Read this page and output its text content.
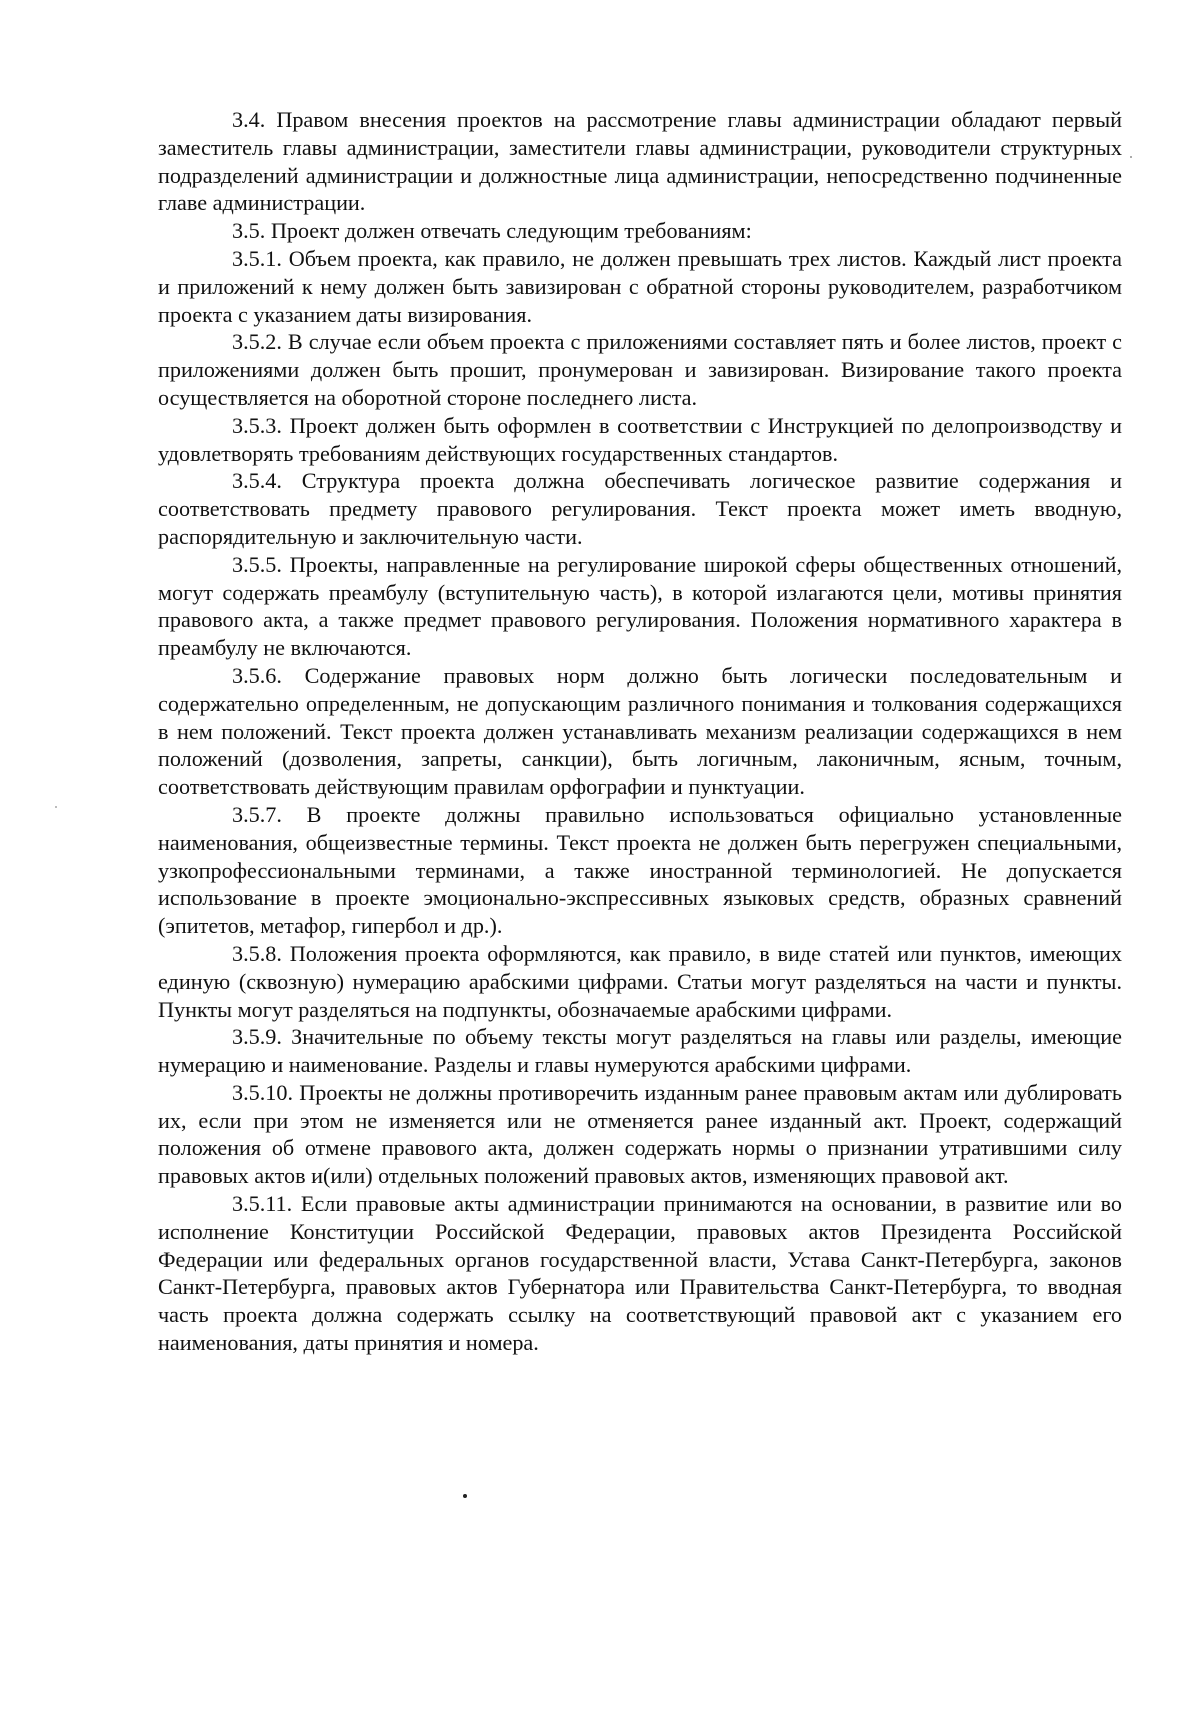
3.4. Правом внесения проектов на рассмотрение главы администрации обладают первый заместитель главы администрации, заместители главы администрации, руководители структурных подразделений администрации и должностные лица администрации, непосредственно подчиненные главе администрации.

3.5. Проект должен отвечать следующим требованиям:

3.5.1. Объем проекта, как правило, не должен превышать трех листов. Каждый лист проекта и приложений к нему должен быть завизирован с обратной стороны руководителем, разработчиком проекта с указанием даты визирования.

3.5.2. В случае если объем проекта с приложениями составляет пять и более листов, проект с приложениями должен быть прошит, пронумерован и завизирован. Визирование такого проекта осуществляется на оборотной стороне последнего листа.

3.5.3. Проект должен быть оформлен в соответствии с Инструкцией по делопроизводству и удовлетворять требованиям действующих государственных стандартов.

3.5.4. Структура проекта должна обеспечивать логическое развитие содержания и соответствовать предмету правового регулирования. Текст проекта может иметь вводную, распорядительную и заключительную части.

3.5.5. Проекты, направленные на регулирование широкой сферы общественных отношений, могут содержать преамбулу (вступительную часть), в которой излагаются цели, мотивы принятия правового акта, а также предмет правового регулирования. Положения нормативного характера в преамбулу не включаются.

3.5.6. Содержание правовых норм должно быть логически последовательным и содержательно определенным, не допускающим различного понимания и толкования содержащихся в нем положений. Текст проекта должен устанавливать механизм реализации содержащихся в нем положений (дозволения, запреты, санкции), быть логичным, лаконичным, ясным, точным, соответствовать действующим правилам орфографии и пунктуации.

3.5.7. В проекте должны правильно использоваться официально установленные наименования, общеизвестные термины. Текст проекта не должен быть перегружен специальными, узкопрофессиональными терминами, а также иностранной терминологией. Не допускается использование в проекте эмоционально-экспрессивных языковых средств, образных сравнений (эпитетов, метафор, гипербол и др.).

3.5.8. Положения проекта оформляются, как правило, в виде статей или пунктов, имеющих единую (сквозную) нумерацию арабскими цифрами. Статьи могут разделяться на части и пункты. Пункты могут разделяться на подпункты, обозначаемые арабскими цифрами.

3.5.9. Значительные по объему тексты могут разделяться на главы или разделы, имеющие нумерацию и наименование. Разделы и главы нумеруются арабскими цифрами.

3.5.10. Проекты не должны противоречить изданным ранее правовым актам или дублировать их, если при этом не изменяется или не отменяется ранее изданный акт. Проект, содержащий положения об отмене правового акта, должен содержать нормы о признании утратившими силу правовых актов и(или) отдельных положений правовых актов, изменяющих правовой акт.

3.5.11. Если правовые акты администрации принимаются на основании, в развитие или во исполнение Конституции Российской Федерации, правовых актов Президента Российской Федерации или федеральных органов государственной власти, Устава Санкт-Петербурга, законов Санкт-Петербурга, правовых актов Губернатора или Правительства Санкт-Петербурга, то вводная часть проекта должна содержать ссылку на соответствующий правовой акт с указанием его наименования, даты принятия и номера.
